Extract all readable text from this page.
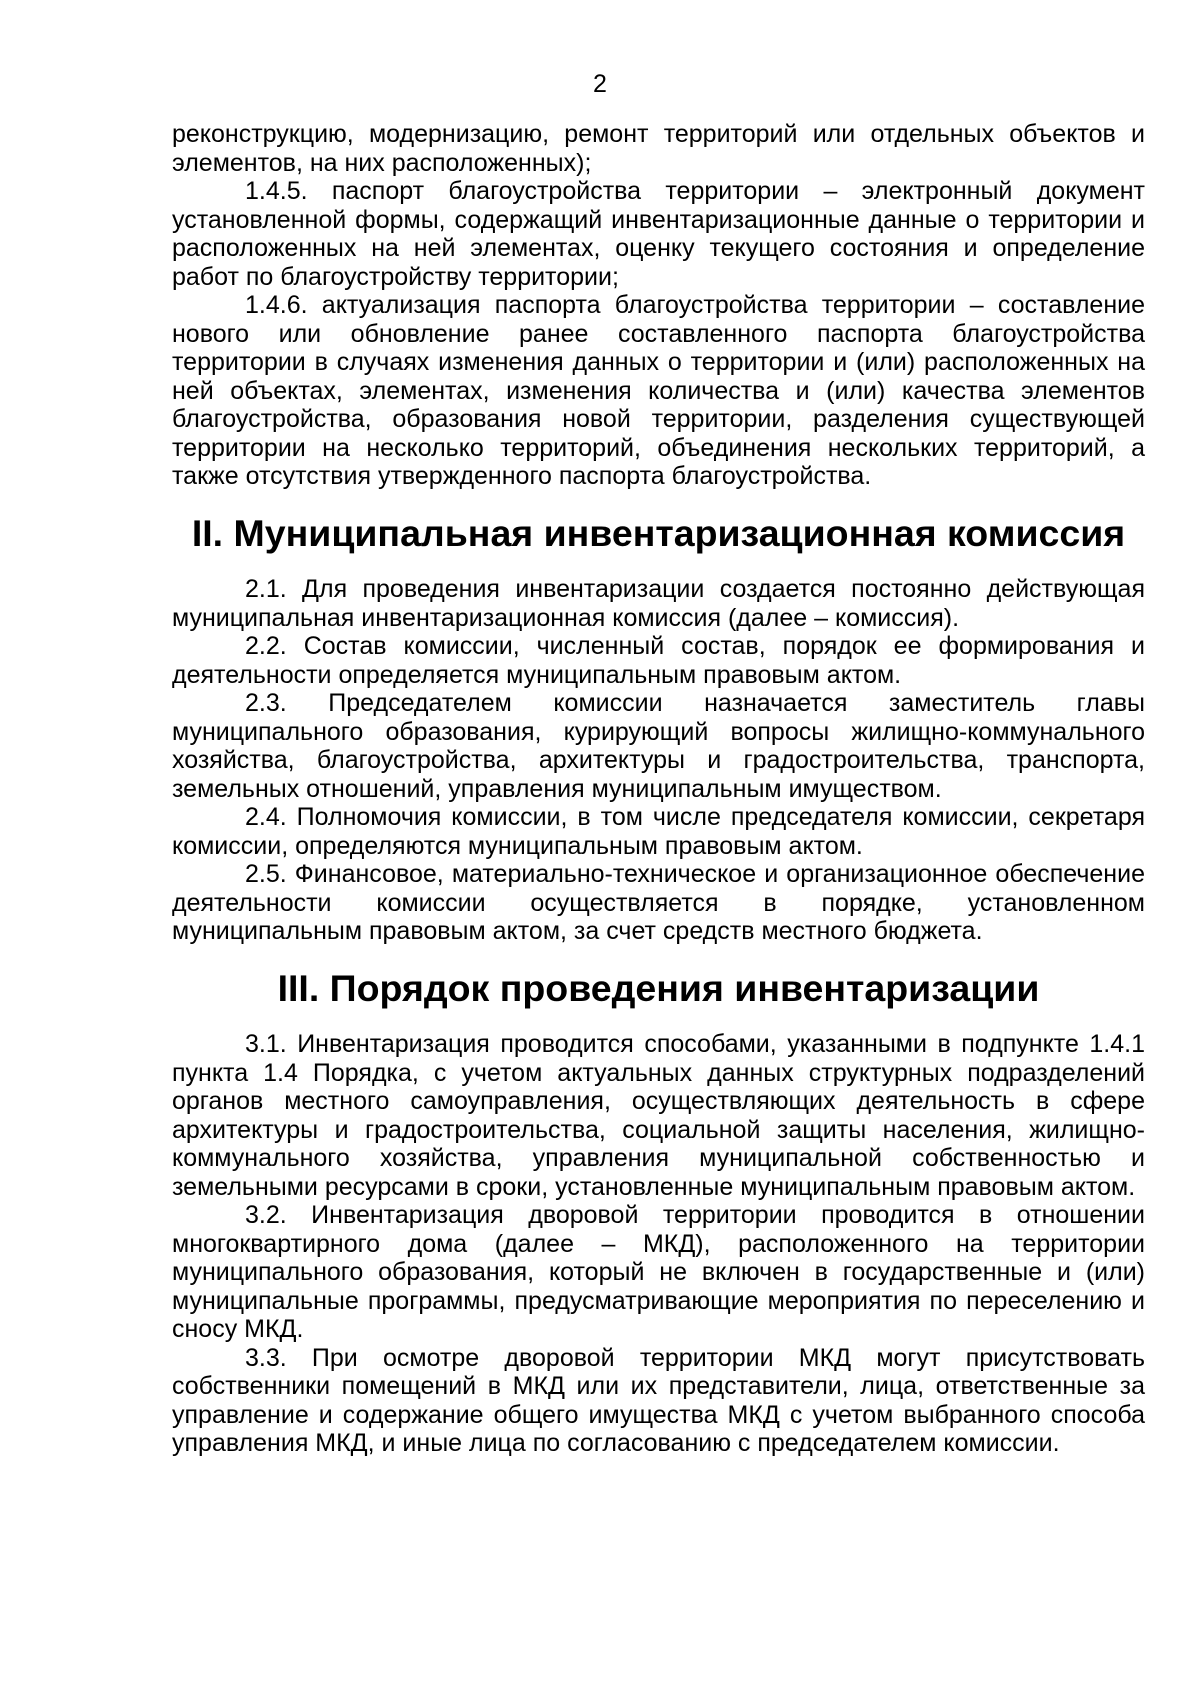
2

реконструкцию, модернизацию, ремонт территорий или отдельных объектов и элементов, на них расположенных);

1.4.5. паспорт благоустройства территории – электронный документ установленной формы, содержащий инвентаризационные данные о территории и расположенных на ней элементах, оценку текущего состояния и определение работ по благоустройству территории;

1.4.6. актуализация паспорта благоустройства территории – составление нового или обновление ранее составленного паспорта благоустройства территории в случаях изменения данных о территории и (или) расположенных на ней объектах, элементах, изменения количества и (или) качества элементов благоустройства, образования новой территории, разделения существующей территории на несколько территорий, объединения нескольких территорий, а также отсутствия утвержденного паспорта благоустройства.

II. Муниципальная инвентаризационная комиссия

2.1. Для проведения инвентаризации создается постоянно действующая муниципальная инвентаризационная комиссия (далее – комиссия).

2.2. Состав комиссии, численный состав, порядок ее формирования и деятельности определяется муниципальным правовым актом.

2.3. Председателем комиссии назначается заместитель главы муниципального образования, курирующий вопросы жилищно-коммунального хозяйства, благоустройства, архитектуры и градостроительства, транспорта, земельных отношений, управления муниципальным имуществом.

2.4. Полномочия комиссии, в том числе председателя комиссии, секретаря комиссии, определяются муниципальным правовым актом.

2.5. Финансовое, материально-техническое и организационное обеспечение деятельности комиссии осуществляется в порядке, установленном муниципальным правовым актом, за счет средств местного бюджета.

III. Порядок проведения инвентаризации

3.1. Инвентаризация проводится способами, указанными в подпункте 1.4.1 пункта 1.4 Порядка, с учетом актуальных данных структурных подразделений органов местного самоуправления, осуществляющих деятельность в сфере архитектуры и градостроительства, социальной защиты населения, жилищно-коммунального хозяйства, управления муниципальной собственностью и земельными ресурсами в сроки, установленные муниципальным правовым актом.

3.2. Инвентаризация дворовой территории проводится в отношении многоквартирного дома (далее – МКД), расположенного на территории муниципального образования, который не включен в государственные и (или) муниципальные программы, предусматривающие мероприятия по переселению и сносу МКД.

3.3. При осмотре дворовой территории МКД могут присутствовать собственники помещений в МКД или их представители, лица, ответственные за управление и содержание общего имущества МКД с учетом выбранного способа управления МКД, и иные лица по согласованию с председателем комиссии.
